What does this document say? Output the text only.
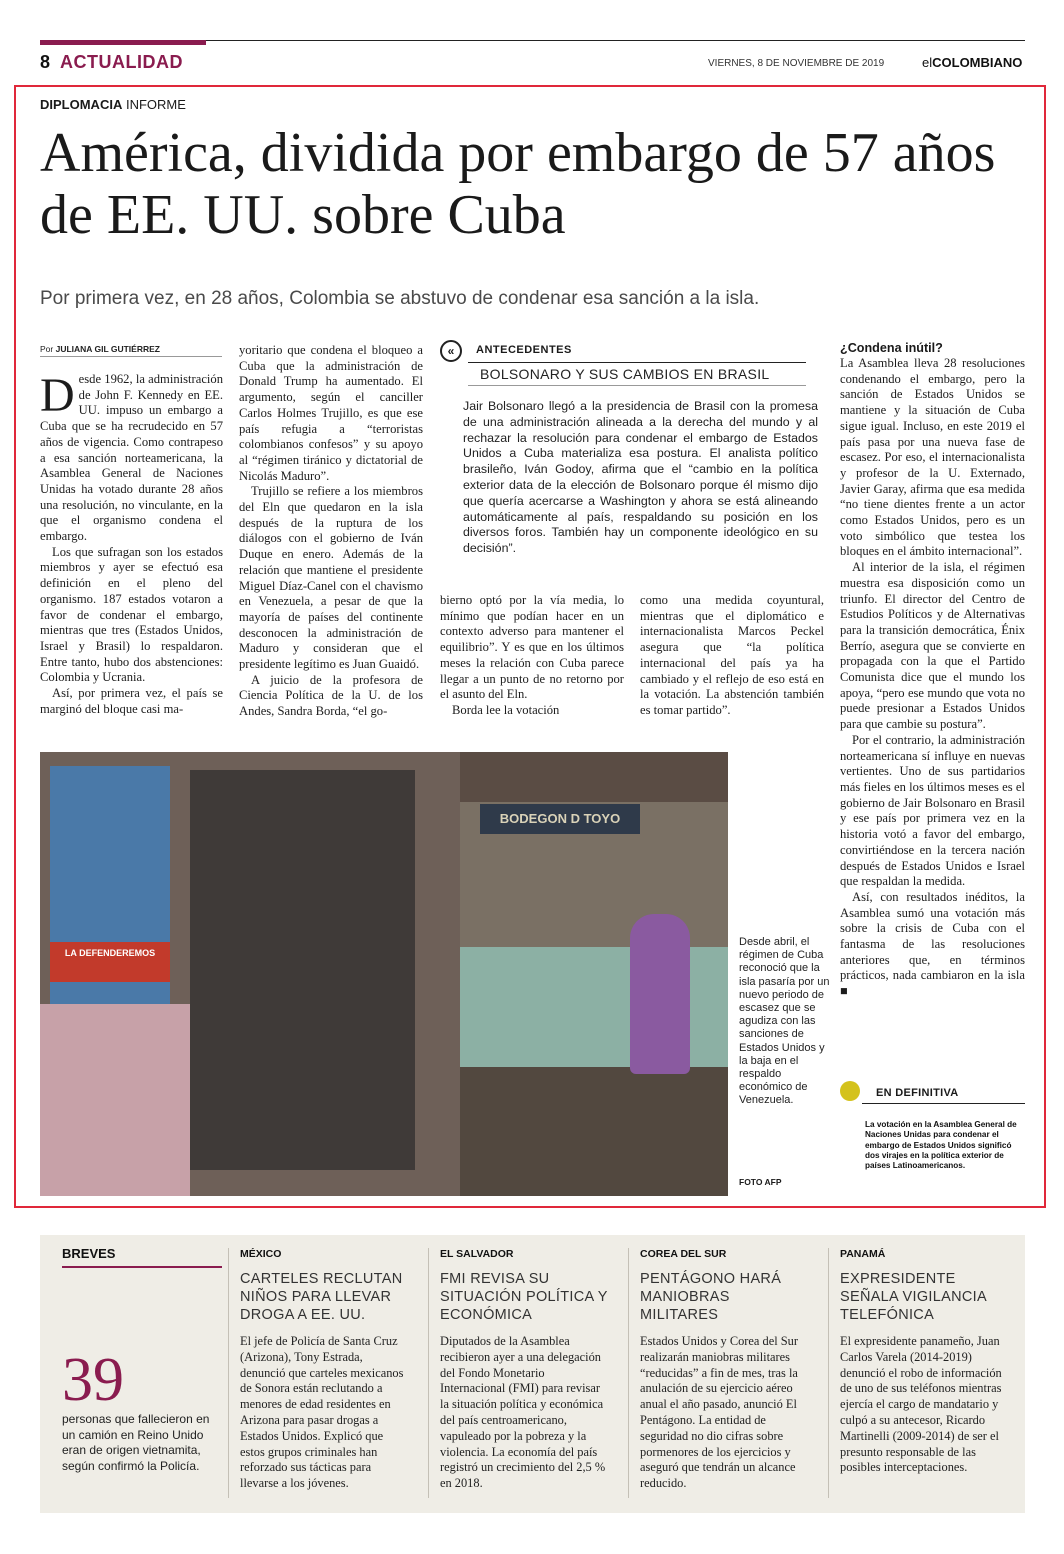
8 ACTUALIDAD	VIERNES, 8 DE NOVIEMBRE DE 2019	elCOLOMBIANO
DIPLOMACIA INFORME
América, dividida por embargo de 57 años de EE. UU. sobre Cuba
Por primera vez, en 28 años, Colombia se abstuvo de condenar esa sanción a la isla.
Por JULIANA GIL GUTIÉRREZ

Desde 1962, la administración de John F. Kennedy en EE. UU. impuso un embargo a Cuba que se ha recrudecido en 57 años de vigencia. Como contrapeso a esa sanción norteamericana, la Asamblea General de Naciones Unidas ha votado durante 28 años una resolución, no vinculante, en la que el organismo condena el embargo.

Los que sufragan son los estados miembros y ayer se efectuó esa definición en el pleno del organismo. 187 estados votaron a favor de condenar el embargo, mientras que tres (Estados Unidos, Israel y Brasil) lo respaldaron. Entre tanto, hubo dos abstenciones: Colombia y Ucrania.

Así, por primera vez, el país se marginó del bloque casi ma-

yoritario que condena el bloqueo a Cuba que la administración de Donald Trump ha aumentado. El argumento, según el canciller Carlos Holmes Trujillo, es que ese país refugia a “terroristas colombianos confesos” y su apoyo al “régimen tiránico y dictatorial de Nicolás Maduro”.

Trujillo se refiere a los miembros del Eln que quedaron en la isla después de la ruptura de los diálogos con el gobierno de Iván Duque en enero. Además de la relación que mantiene el presidente Miguel Díaz-Canel con el chavismo en Venezuela, a pesar de que la mayoría de países del continente desconocen la administración de Maduro y consideran que el presidente legítimo es Juan Guaidó.

A juicio de la profesora de Ciencia Política de la U. de los Andes, Sandra Borda, “el go-

«	ANTECEDENTES
BOLSONARO Y SUS CAMBIOS EN BRASIL
Jair Bolsonaro llegó a la presidencia de Brasil con la promesa de una administración alineada a la derecha del mundo y al rechazar la resolución para condenar el embargo de Estados Unidos a Cuba materializa esa postura. El analista político brasileño, Iván Godoy, afirma que el “cambio en la política exterior data de la elección de Bolsonaro porque él mismo dijo que quería acercarse a Washington y ahora se está alineando automáticamente al país, respaldando su posición en los diversos foros. También hay un componente ideológico en su decisión”.

bierno optó por la vía media, lo mínimo que podían hacer en un contexto adverso para mantener el equilibrio”. Y es que en los últimos meses la relación con Cuba parece llegar a un punto de no retorno por el asunto del Eln.

Borda lee la votación

como una medida coyuntural, mientras que el diplomático e internacionalista Marcos Peckel asegura que “la política internacional del país ya ha cambiado y el reflejo de eso está en la votación. La abstención también es tomar partido”.

¿Condena inútil?

La Asamblea lleva 28 resoluciones condenando el embargo, pero la sanción de Estados Unidos se mantiene y la situación de Cuba sigue igual. Incluso, en este 2019 el país pasa por una nueva fase de escasez. Por eso, el internacionalista y profesor de la U. Externado, Javier Garay, afirma que esa medida “no tiene dientes frente a un actor como Estados Unidos, pero es un voto simbólico que testea los bloques en el ámbito internacional”.

Al interior de la isla, el régimen muestra esa disposición como un triunfo. El director del Centro de Estudios Políticos y de Alternativas para la transición democrática, Énix Berrío, asegura que se convierte en propagada con la que el Partido Comunista dice que el mundo los apoya, “pero ese mundo que vota no puede presionar a Estados Unidos para que cambie su postura”.

Por el contrario, la administración norteamericana sí influye en nuevas vertientes. Uno de sus partidarios más fieles en los últimos meses es el gobierno de Jair Bolsonaro en Brasil y ese país por primera vez en la historia votó a favor del embargo, convirtiéndose en la tercera nación después de Estados Unidos e Israel que respaldan la medida.

Así, con resultados inéditos, la Asamblea sumó una votación más sobre la crisis de Cuba con el fantasma de las resoluciones anteriores que, en términos prácticos, nada cambiaron en la isla ■

LA DEFENDEREMOS
BODEGON D TOYO
Desde abril, el régimen de Cuba reconoció que la isla pasaría por un nuevo periodo de escasez que se agudiza con las sanciones de Estados Unidos y la baja en el respaldo económico de Venezuela.
FOTO AFP
EN DEFINITIVA
La votación en la Asamblea General de Naciones Unidas para condenar el embargo de Estados Unidos significó dos virajes en la política exterior de países Latinoamericanos.
BREVES
39
personas que fallecieron en un camión en Reino Unido eran de origen vietnamita, según confirmó la Policía.
MÉXICO
CARTELES RECLUTAN NIÑOS PARA LLEVAR DROGA A EE. UU.
El jefe de Policía de Santa Cruz (Arizona), Tony Estrada, denunció que carteles mexicanos de Sonora están reclutando a menores de edad residentes en Arizona para pasar drogas a Estados Unidos. Explicó que estos grupos criminales han reforzado sus tácticas para llevarse a los jóvenes.
EL SALVADOR
FMI REVISA SU SITUACIÓN POLÍTICA Y ECONÓMICA
Diputados de la Asamblea recibieron ayer a una delegación del Fondo Monetario Internacional (FMI) para revisar la situación política y económica del país centroamericano, vapuleado por la pobreza y la violencia. La economía del país registró un crecimiento del 2,5 % en 2018.
COREA DEL SUR
PENTÁGONO HARÁ MANIOBRAS MILITARES
Estados Unidos y Corea del Sur realizarán maniobras militares “reducidas” a fin de mes, tras la anulación de su ejercicio aéreo anual el año pasado, anunció El Pentágono. La entidad de seguridad no dio cifras sobre pormenores de los ejercicios y aseguró que tendrán un alcance reducido.
PANAMÁ
EXPRESIDENTE SEÑALA VIGILANCIA TELEFÓNICA
El expresidente panameño, Juan Carlos Varela (2014-2019) denunció el robo de información de uno de sus teléfonos mientras ejercía el cargo de mandatario y culpó a su antecesor, Ricardo Martinelli (2009-2014) de ser el presunto responsable de las posibles interceptaciones.
